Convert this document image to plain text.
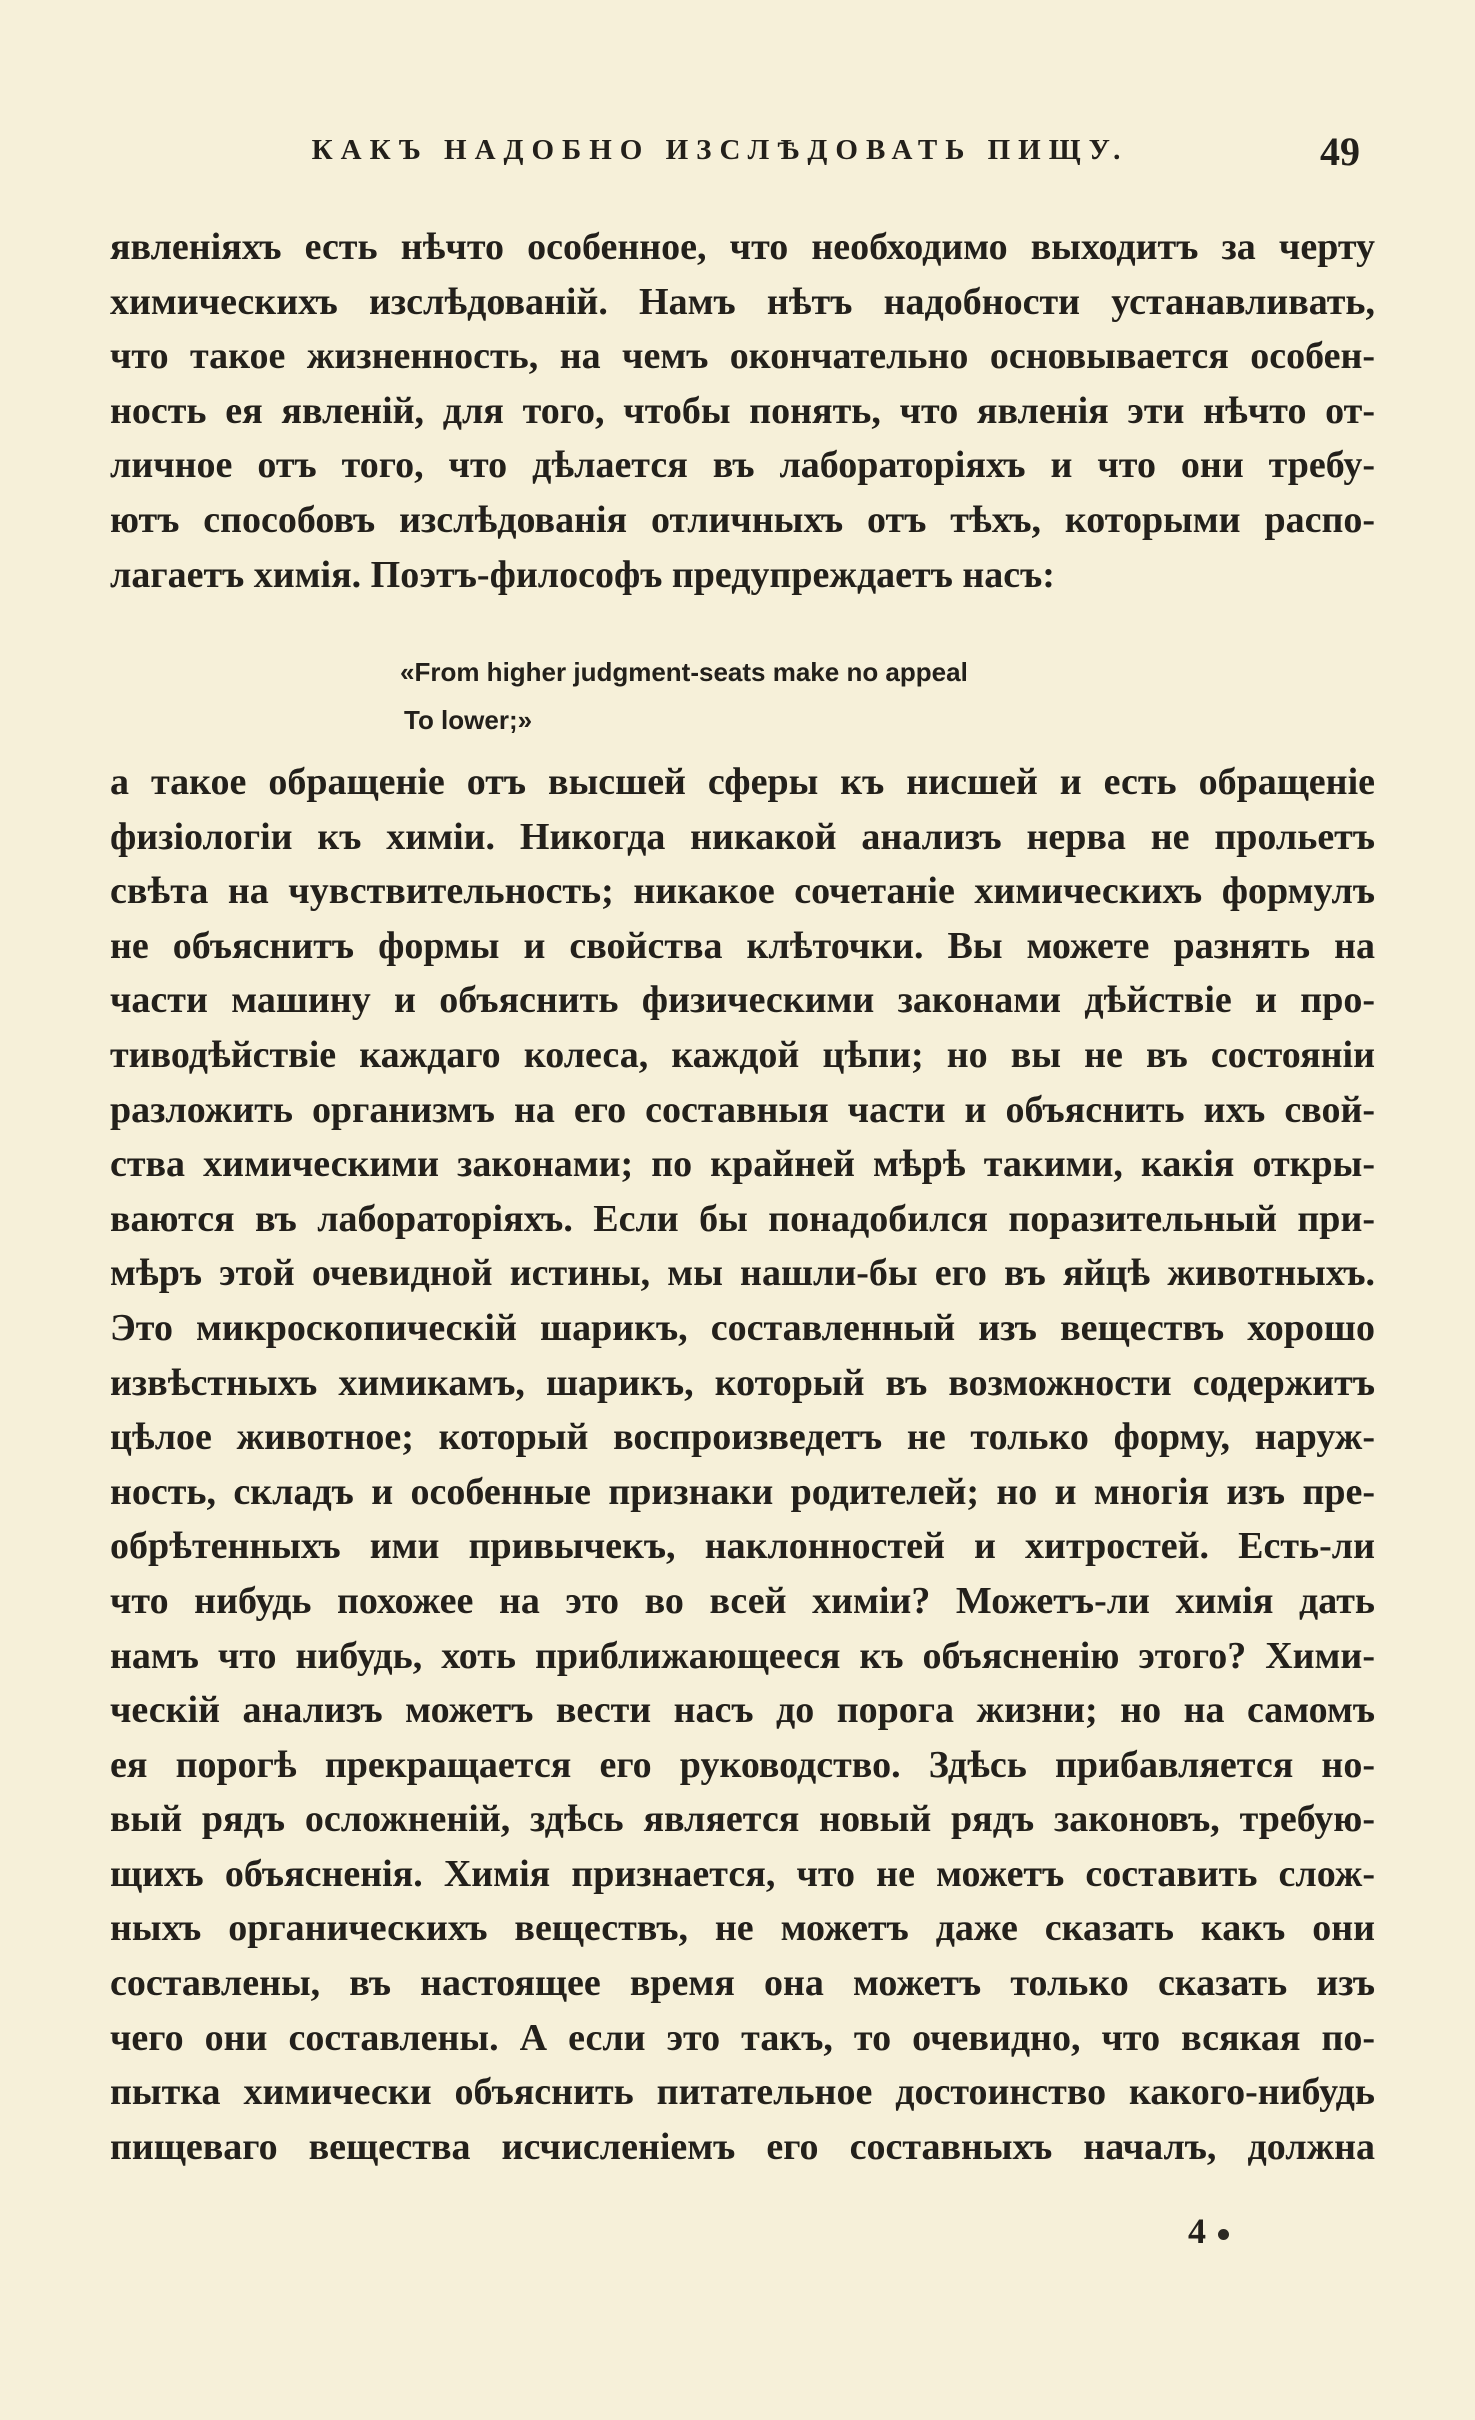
КАКЪ НАДОБНО ИЗСЛѢДОВАТЬ ПИЩУ.	49
явленіяхъ есть нѣчто особенное, что необходимо выходитъ за черту
химическихъ изслѣдованій. Намъ нѣтъ надобности устанавливать,
что такое жизненность, на чемъ окончательно основывается особен-
ность ея явленій, для того, чтобы понять, что явленія эти нѣчто от-
личное отъ того, что дѣлается въ лабораторіяхъ и что они требу-
ютъ способовъ изслѣдованія отличныхъ отъ тѣхъ, которыми распо-
лагаетъ химія. Поэтъ-философъ предупреждаетъ насъ:
«From higher judgment-seats make no appeal
To lower;»
а такое обращеніе отъ высшей сферы къ нисшей и есть обращеніе
физіологіи къ химіи. Никогда никакой анализъ нерва не прольетъ
свѣта на чувствительность; никакое сочетаніе химическихъ формулъ
не объяснитъ формы и свойства клѣточки. Вы можете разнять на
части машину и объяснить физическими законами дѣйствіе и про-
тиводѣйствіе каждаго колеса, каждой цѣпи; но вы не въ состояніи
разложить организмъ на его составныя части и объяснить ихъ свой-
ства химическими законами; по крайней мѣрѣ такими, какія откры-
ваются въ лабораторіяхъ. Если бы понадобился поразительный при-
мѣръ этой очевидной истины, мы нашли-бы его въ яйцѣ животныхъ.
Это микроскопическій шарикъ, составленный изъ веществъ хорошо
извѣстныхъ химикамъ, шарикъ, который въ возможности содержитъ
цѣлое животное; который воспроизведетъ не только форму, наруж-
ность, складъ и особенные признаки родителей; но и многія изъ пре-
обрѣтенныхъ ими привычекъ, наклонностей и хитростей. Есть-ли
что нибудь похожее на это во всей химіи? Можетъ-ли химія дать
намъ что нибудь, хоть приближающееся къ объясненію этого? Хими-
ческій анализъ можетъ вести насъ до порога жизни; но на самомъ
ея порогѣ прекращается его руководство. Здѣсь прибавляется но-
вый рядъ осложненій, здѣсь является новый рядъ законовъ, требую-
щихъ объясненія. Химія признается, что не можетъ составить слож-
ныхъ органическихъ веществъ, не можетъ даже сказать какъ они
составлены, въ настоящее время она можетъ только сказать изъ
чего они составлены. А если это такъ, то очевидно, что всякая по-
пытка химически объяснить питательное достоинство какого-нибудь
пищеваго вещества исчисленіемъ его составныхъ началъ, должна
4
